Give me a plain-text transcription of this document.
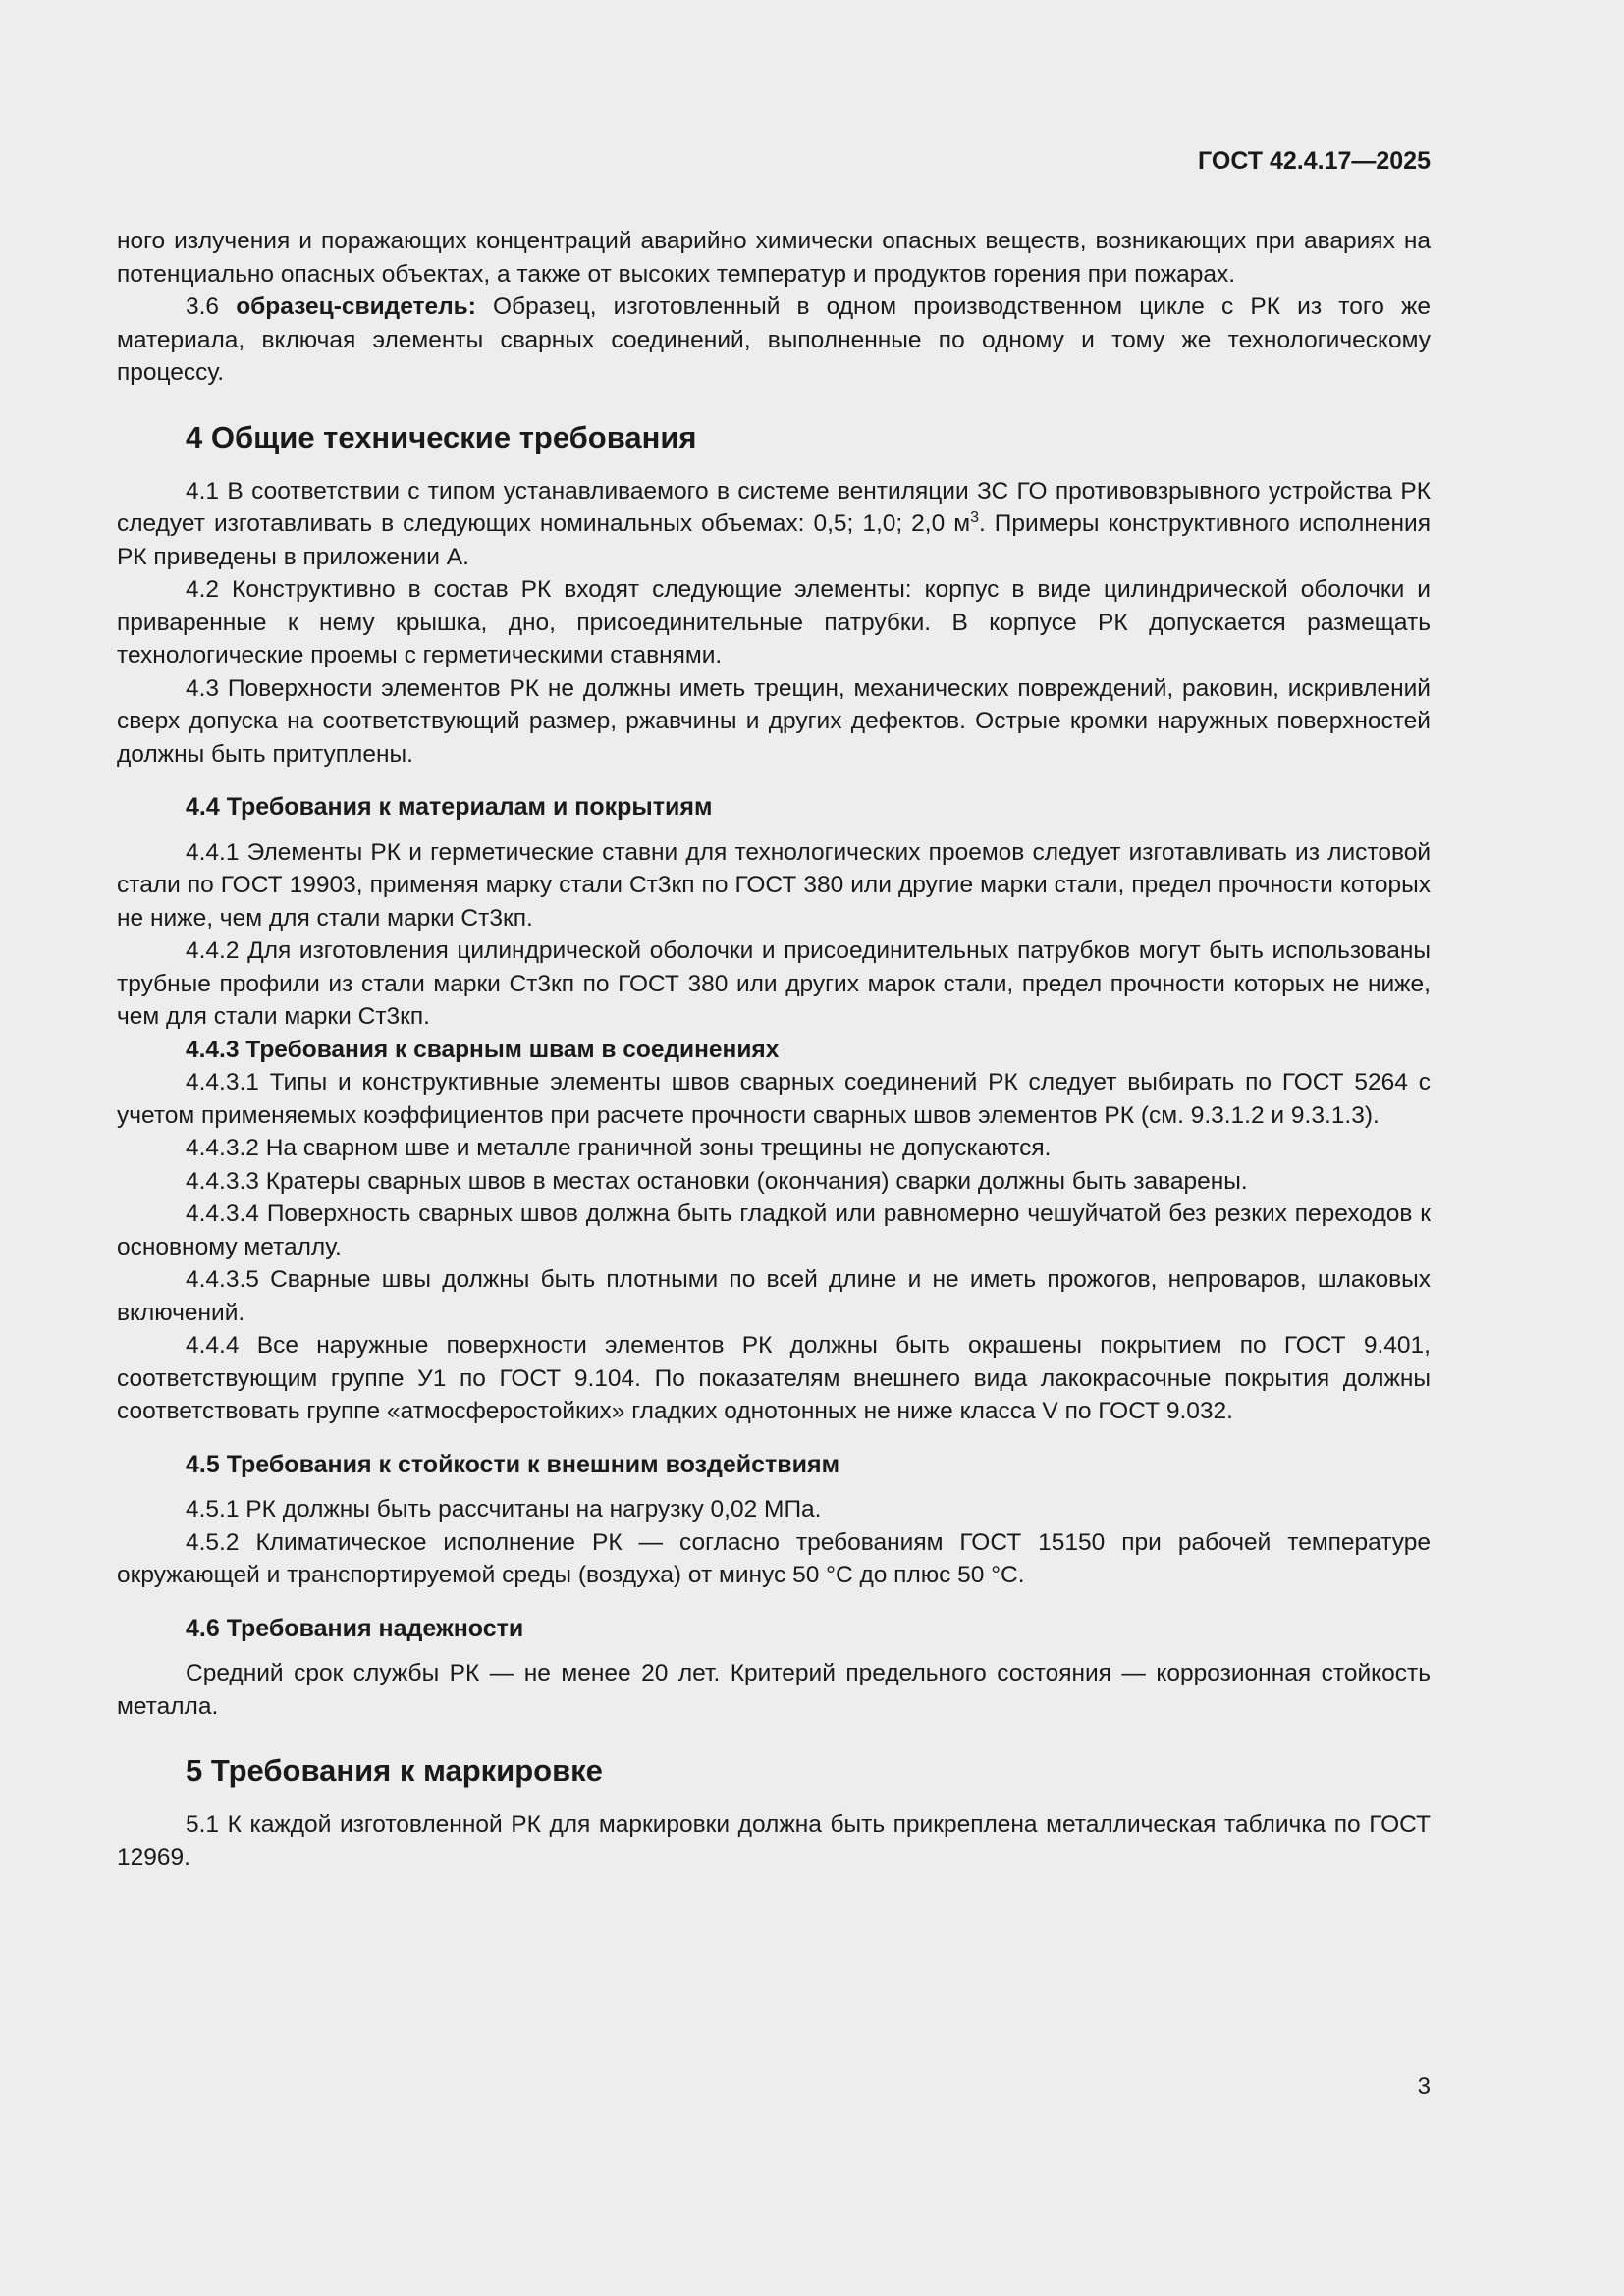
ГОСТ 42.4.17—2025

ного излучения и поражающих концентраций аварийно химически опасных веществ, возникающих при авариях на потенциально опасных объектах, а также от высоких температур и продуктов горения при пожарах.

3.6 образец-свидетель: Образец, изготовленный в одном производственном цикле с РК из того же материала, включая элементы сварных соединений, выполненные по одному и тому же технологическому процессу.

4 Общие технические требования

4.1 В соответствии с типом устанавливаемого в системе вентиляции ЗС ГО противовзрывного устройства РК следует изготавливать в следующих номинальных объемах: 0,5; 1,0; 2,0 $м^3$. Примеры конструктивного исполнения РК приведены в приложении А.

4.2 Конструктивно в состав РК входят следующие элементы: корпус в виде цилиндрической оболочки и приваренные к нему крышка, дно, присоединительные патрубки. В корпусе РК допускается размещать технологические проемы с герметическими ставнями.

4.3 Поверхности элементов РК не должны иметь трещин, механических повреждений, раковин, искривлений сверх допуска на соответствующий размер, ржавчины и других дефектов. Острые кромки наружных поверхностей должны быть притуплены.

4.4 Требования к материалам и покрытиям

4.4.1 Элементы РК и герметические ставни для технологических проемов следует изготавливать из листовой стали по ГОСТ 19903, применяя марку стали Ст3кп по ГОСТ 380 или другие марки стали, предел прочности которых не ниже, чем для стали марки Ст3кп.

4.4.2 Для изготовления цилиндрической оболочки и присоединительных патрубков могут быть использованы трубные профили из стали марки Ст3кп по ГОСТ 380 или других марок стали, предел прочности которых не ниже, чем для стали марки Ст3кп.

4.4.3 Требования к сварным швам в соединениях

4.4.3.1 Типы и конструктивные элементы швов сварных соединений РК следует выбирать по ГОСТ 5264 с учетом применяемых коэффициентов при расчете прочности сварных швов элементов РК (см. 9.3.1.2 и 9.3.1.3).

4.4.3.2 На сварном шве и металле граничной зоны трещины не допускаются.

4.4.3.3 Кратеры сварных швов в местах остановки (окончания) сварки должны быть заварены.

4.4.3.4 Поверхность сварных швов должна быть гладкой или равномерно чешуйчатой без резких переходов к основному металлу.

4.4.3.5 Сварные швы должны быть плотными по всей длине и не иметь прожогов, непроваров, шлаковых включений.

4.4.4 Все наружные поверхности элементов РК должны быть окрашены покрытием по ГОСТ 9.401, соответствующим группе У1 по ГОСТ 9.104. По показателям внешнего вида лакокрасочные покрытия должны соответствовать группе «атмосферостойких» гладких однотонных не ниже класса V по ГОСТ 9.032.

4.5 Требования к стойкости к внешним воздействиям

4.5.1 РК должны быть рассчитаны на нагрузку 0,02 МПа.

4.5.2 Климатическое исполнение РК — согласно требованиям ГОСТ 15150 при рабочей температуре окружающей и транспортируемой среды (воздуха) от минус 50 °С до плюс 50 °С.

4.6 Требования надежности

Средний срок службы РК — не менее 20 лет. Критерий предельного состояния — коррозионная стойкость металла.

5 Требования к маркировке

5.1 К каждой изготовленной РК для маркировки должна быть прикреплена металлическая табличка по ГОСТ 12969.

3
